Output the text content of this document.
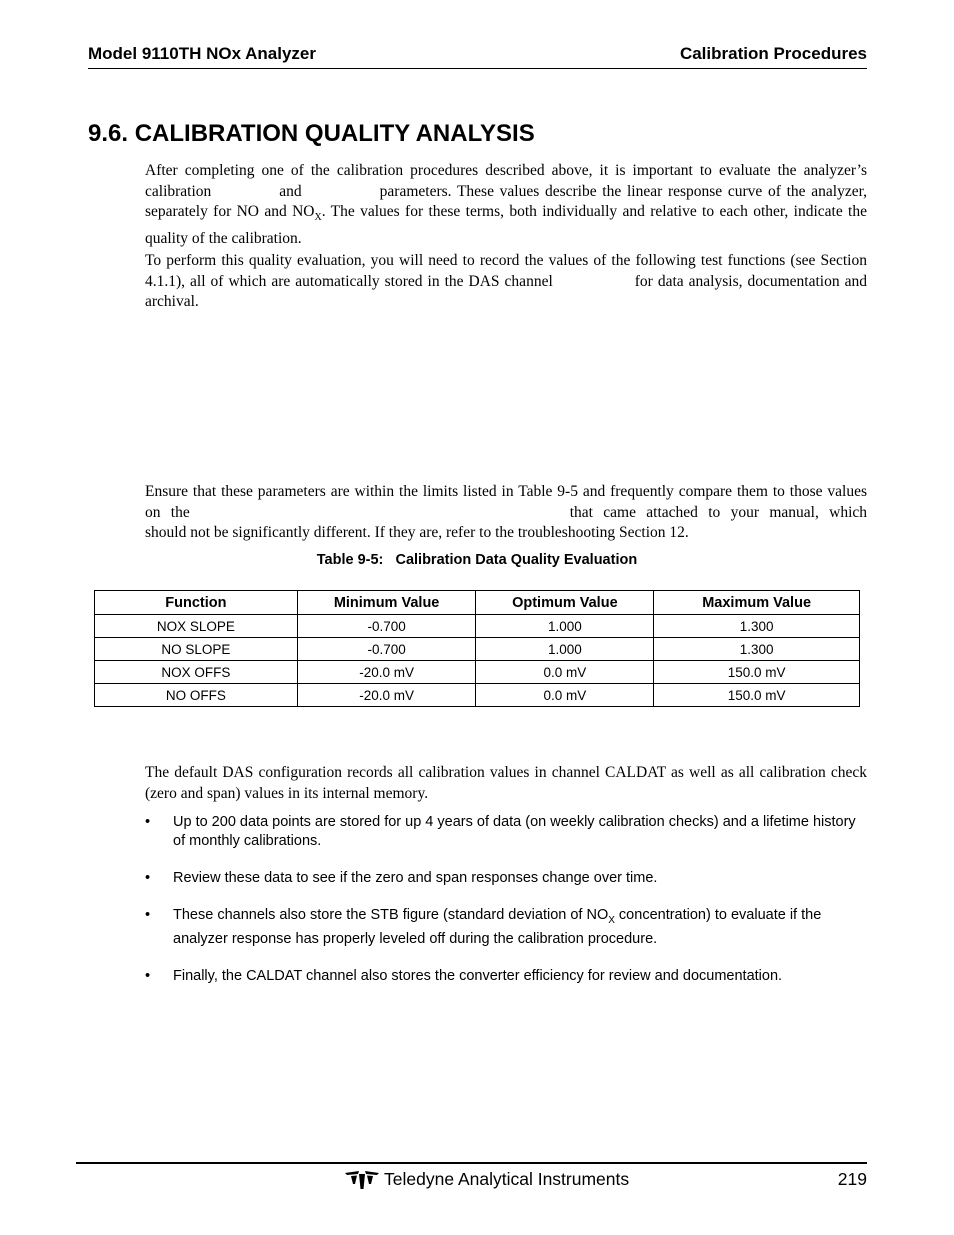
Model 9110TH NOx Analyzer	Calibration Procedures
9.6. CALIBRATION QUALITY ANALYSIS

After completing one of the calibration procedures described above, it is important to evaluate the analyzer’s calibration	and	parameters. These values describe the linear response curve of the analyzer, separately for NO and $NO_X$. The values for these terms, both individually and relative to each other, indicate the quality of the calibration.

To perform this quality evaluation, you will need to record the values of the following test functions (see Section 4.1.1), all of which are automatically stored in the DAS channel	for data analysis, documentation and archival.

Ensure that these parameters are within the limits listed in Table 9-5 and frequently compare them to those values on the	that came attached to your manual, which should not be significantly different. If they are, refer to the troubleshooting Section 12.

Table 9-5:   Calibration Data Quality Evaluation
Function	Minimum Value	Optimum Value	Maximum Value
NOX SLOPE	-0.700	1.000	1.300
NO SLOPE	-0.700	1.000	1.300
NOX OFFS	-20.0 mV	0.0 mV	150.0 mV
NO OFFS	-20.0 mV	0.0 mV	150.0 mV

The default DAS configuration records all calibration values in channel CALDAT as well as all calibration check (zero and span) values in its internal memory.

• Up to 200 data points are stored for up 4 years of data (on weekly calibration checks) and a lifetime history of monthly calibrations.
• Review these data to see if the zero and span responses change over time.
• These channels also store the STB figure (standard deviation of $NO_X$ concentration) to evaluate if the analyzer response has properly leveled off during the calibration procedure.
• Finally, the CALDAT channel also stores the converter efficiency for review and documentation.
Teledyne Analytical Instruments	219
